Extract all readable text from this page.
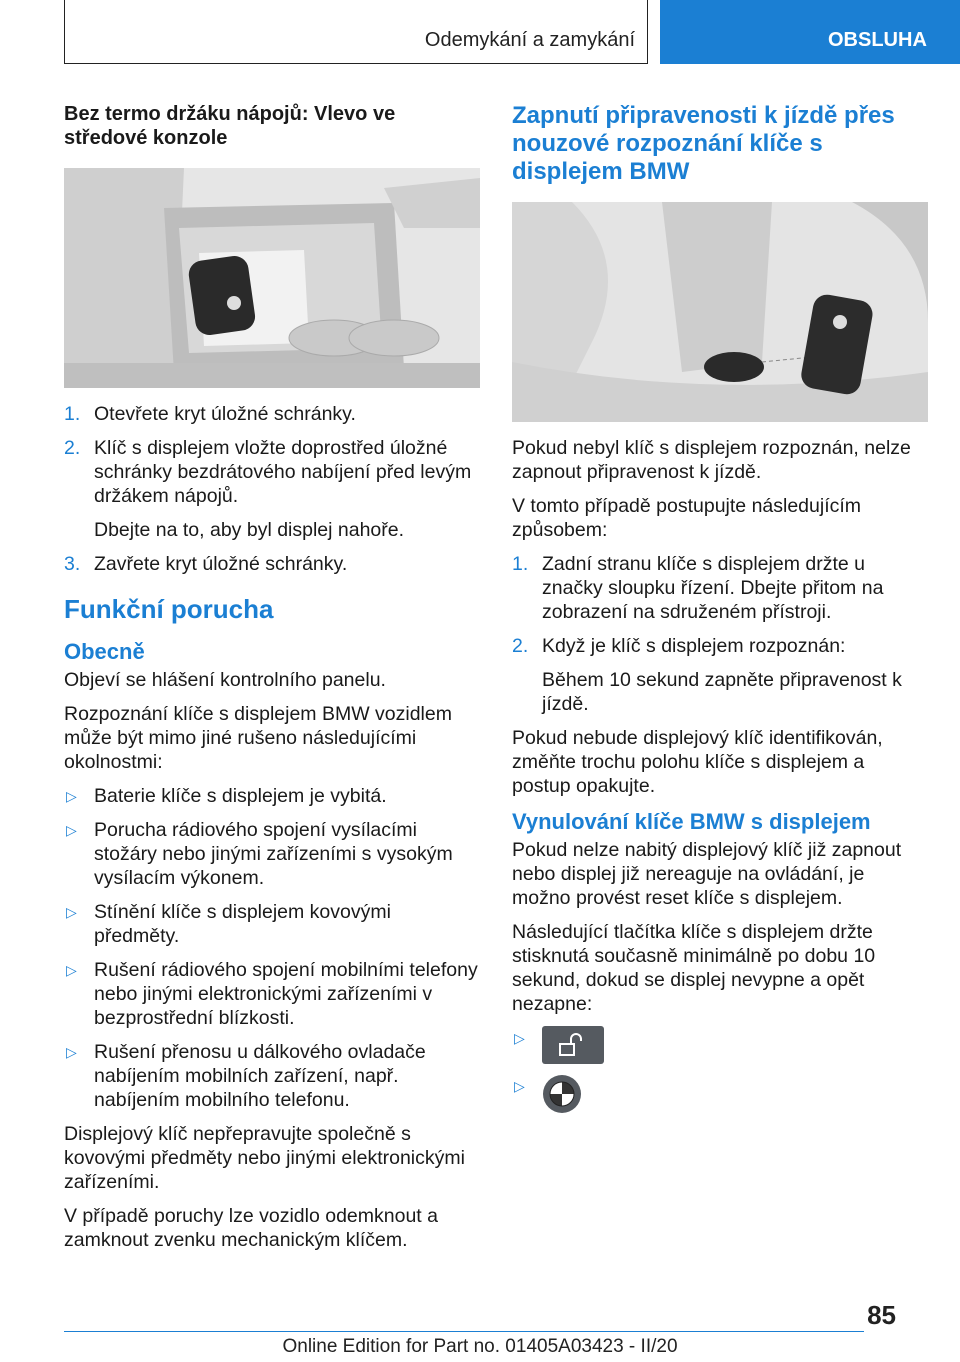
Odemykání a zamykání	OBSLUHA

Bez termo držáku nápojů: Vlevo ve středové konzole

1. Otevřete kryt úložné schránky.
2. Klíč s displejem vložte doprostřed úložné schránky bezdrátového nabíjení před levým držákem nápojů.
Dbejte na to, aby byl displej nahoře.
3. Zavřete kryt úložné schránky.
Funkční porucha
Obecně

Objeví se hlášení kontrolního panelu.

Rozpoznání klíče s displejem BMW vozidlem může být mimo jiné rušeno následujícími okolnostmi:

▷ Baterie klíče s displejem je vybitá.
▷ Porucha rádiového spojení vysílacími stožáry nebo jinými zařízeními s vysokým vysílacím výkonem.
▷ Stínění klíče s displejem kovovými předměty.
▷ Rušení rádiového spojení mobilními telefony nebo jinými elektronickými zařízeními v bezprostřední blízkosti.
▷ Rušení přenosu u dálkového ovladače nabíjením mobilních zařízení, např. nabíjením mobilního telefonu.

Displejový klíč nepřepravujte společně s kovovými předměty nebo jinými elektronickými zařízeními.

V případě poruchy lze vozidlo odemknout a zamknout zvenku mechanickým klíčem.

Zapnutí připravenosti k jízdě přes nouzové rozpoznání klíče s displejem BMW

Pokud nebyl klíč s displejem rozpoznán, nelze zapnout připravenost k jízdě.

V tomto případě postupujte následujícím způsobem:

1. Zadní stranu klíče s displejem držte u značky sloupku řízení. Dbejte přitom na zobrazení na sdruženém přístroji.
2. Když je klíč s displejem rozpoznán:
Během 10 sekund zapněte připravenost k jízdě.

Pokud nebude displejový klíč identifikován, změňte trochu polohu klíče s displejem a postup opakujte.

Vynulování klíče BMW s displejem

Pokud nelze nabitý displejový klíč již zapnout nebo displej již nereaguje na ovládání, je možno provést reset klíče s displejem.

Následující tlačítka klíče s displejem držte stisknutá současně minimálně po dobu 10 sekund, dokud se displej nevypne a opět nezapne:

▷
▷
85
Online Edition for Part no. 01405A03423 - II/20
